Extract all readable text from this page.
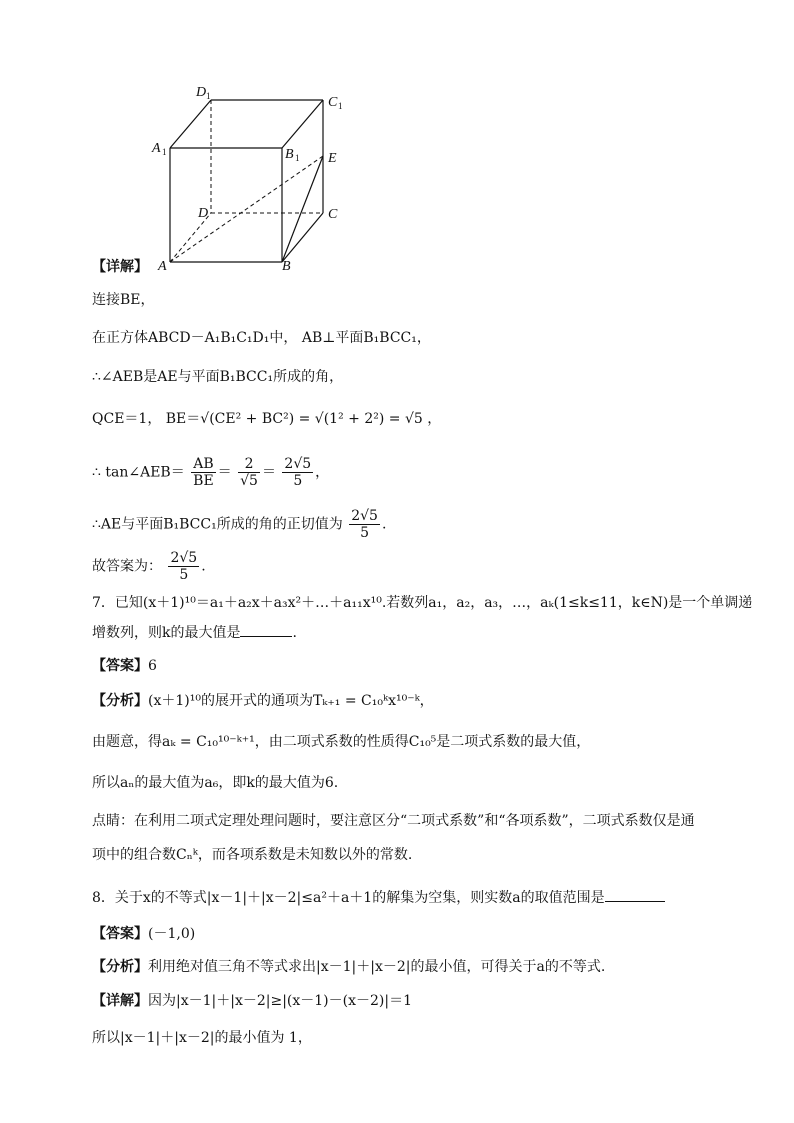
D 1	C 1
A 1	B 1 E
D	C
A	B
【详解】
连接BE，
在正方体ABCD－A₁B₁C₁D₁中， AB⊥平面B₁BCC₁，
∴∠AEB是AE与平面B₁BCC₁所成的角，
QCE＝1， BE＝√(CE² + BC²) = √(1² + 2²) = √5 ，
∴ tan∠AEB＝ $\frac{AB}{BE} = \frac{2}{√5} = \frac{2√5}{5}$ ，
∴AE与平面B₁BCC₁所成的角的正切值为 $\frac{2√5}{5}$ .
故答案为： $\frac{2√5}{5}$ .
7．已知(x＋1)¹⁰＝a₁＋a₂x＋a₃x²＋…＋a₁₁x¹⁰.若数列a₁，a₂，a₃，…，aₖ(1≤k≤11，k∈N)是一个单调递
增数列，则k的最大值是	.
【答案】6
【分析】(x＋1)¹⁰的展开式的通项为Tₖ₊₁ = C₁₀ᵏx¹⁰⁻ᵏ，
由题意，得aₖ = C₁₀¹⁰⁻ᵏ⁺¹，由二项式系数的性质得C₁₀⁵是二项式系数的最大值，
所以aₙ的最大值为a₆，即k的最大值为6.
点睛：在利用二项式定理处理问题时，要注意区分“二项式系数”和“各项系数”，二项式系数仅是通
项中的组合数Cₙᵏ，而各项系数是未知数以外的常数.
8．关于x的不等式|x－1|＋|x－2|≤a²＋a＋1的解集为空集，则实数a的取值范围是
【答案】(－1,0)
【分析】利用绝对值三角不等式求出|x－1|＋|x－2|的最小值，可得关于a的不等式.
【详解】因为|x－1|＋|x－2|≥|(x－1)－(x－2)|＝1
所以|x－1|＋|x－2|的最小值为 1，
